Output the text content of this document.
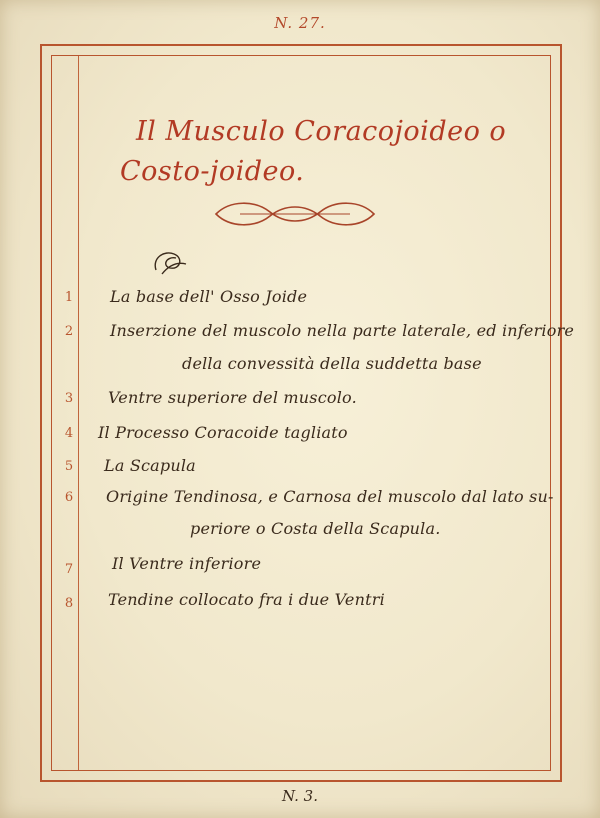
N. 27.
Il Musculo Coracojoideo o Costo-joideo.
1 La base dell' Osso Joide
2 Inserzione del muscolo nella parte laterale, ed inferiore
della convessità della suddetta base
3 Ventre superiore del muscolo.
4 Il Processo Coracoide tagliato
5 La Scapula
6 Origine Tendinosa, e Carnosa del muscolo dal lato su-
periore o Costa della Scapula.
7 Il Ventre inferiore
8 Tendine collocato fra i due Ventri
N. 3.
